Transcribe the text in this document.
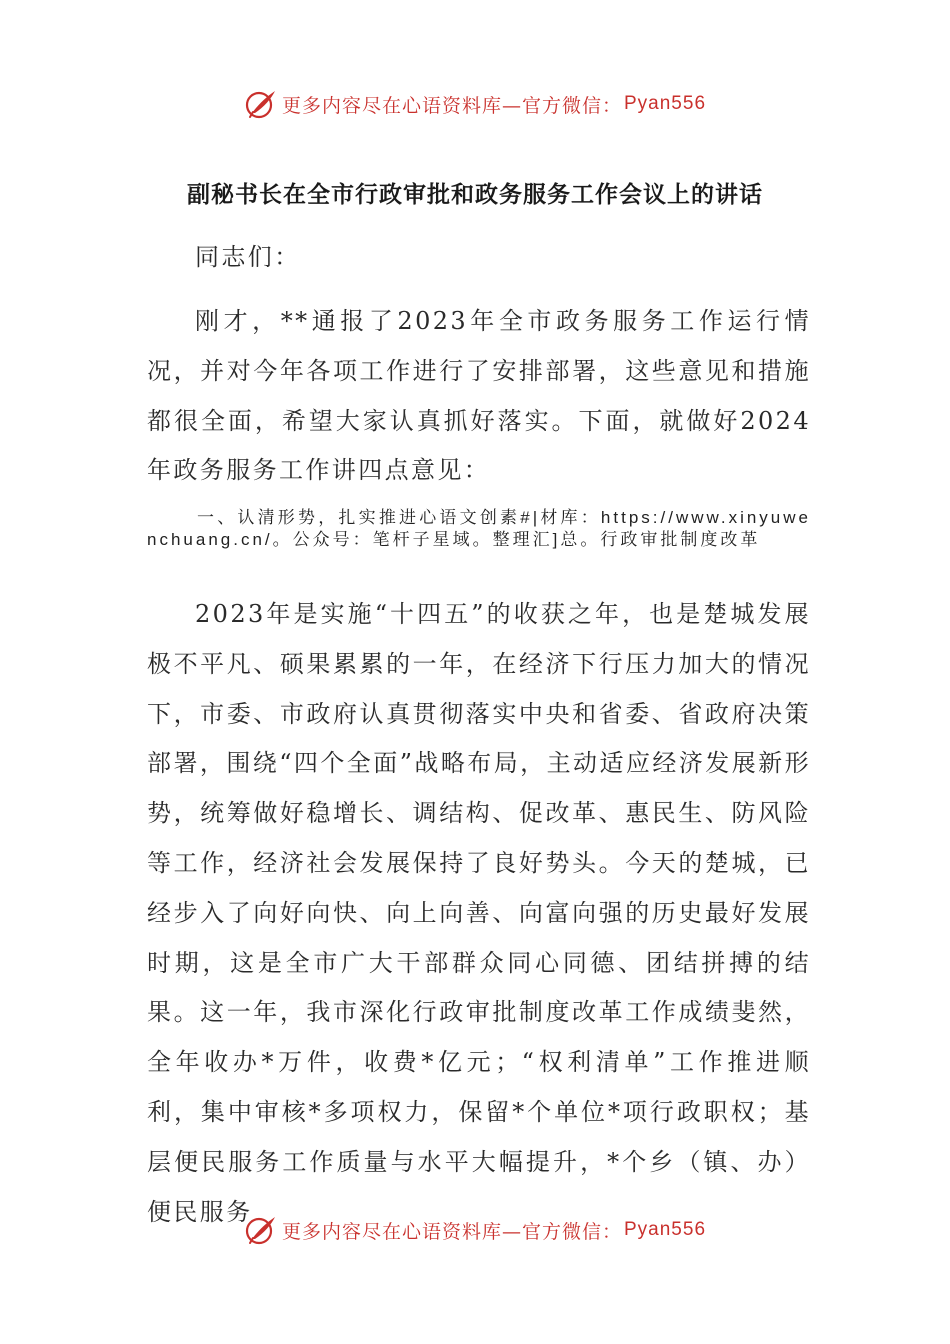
更多内容尽在心语资料库—官方微信： Pyan556
副秘书长在全市行政审批和政务服务工作会议上的讲话

同志们：

刚才，**通报了2023年全市政务服务工作运行情况，并对今年各项工作进行了安排部署，这些意见和措施都很全面，希望大家认真抓好落实。下面，就做好2024年政务服务工作讲四点意见：

一、认清形势，扎实推进心语文创素#|材库：https://www.xinyuwenchuang.cn/。公众号：笔杆子星域。整理汇]总。行政审批制度改革

2023年是实施“十四五”的收获之年，也是楚城发展极不平凡、硕果累累的一年，在经济下行压力加大的情况下，市委、市政府认真贯彻落实中央和省委、省政府决策部署，围绕“四个全面”战略布局，主动适应经济发展新形势，统筹做好稳增长、调结构、促改革、惠民生、防风险等工作，经济社会发展保持了良好势头。今天的楚城，已经步入了向好向快、向上向善、向富向强的历史最好发展时期，这是全市广大干部群众同心同德、团结拼搏的结果。这一年，我市深化行政审批制度改革工作成绩斐然，全年收办*万件，收费*亿元；“权利清单”工作推进顺利，集中审核*多项权力，保留*个单位*项行政职权；基层便民服务工作质量与水平大幅提升，*个乡（镇、办）便民服务

更多内容尽在心语资料库—官方微信： Pyan556
